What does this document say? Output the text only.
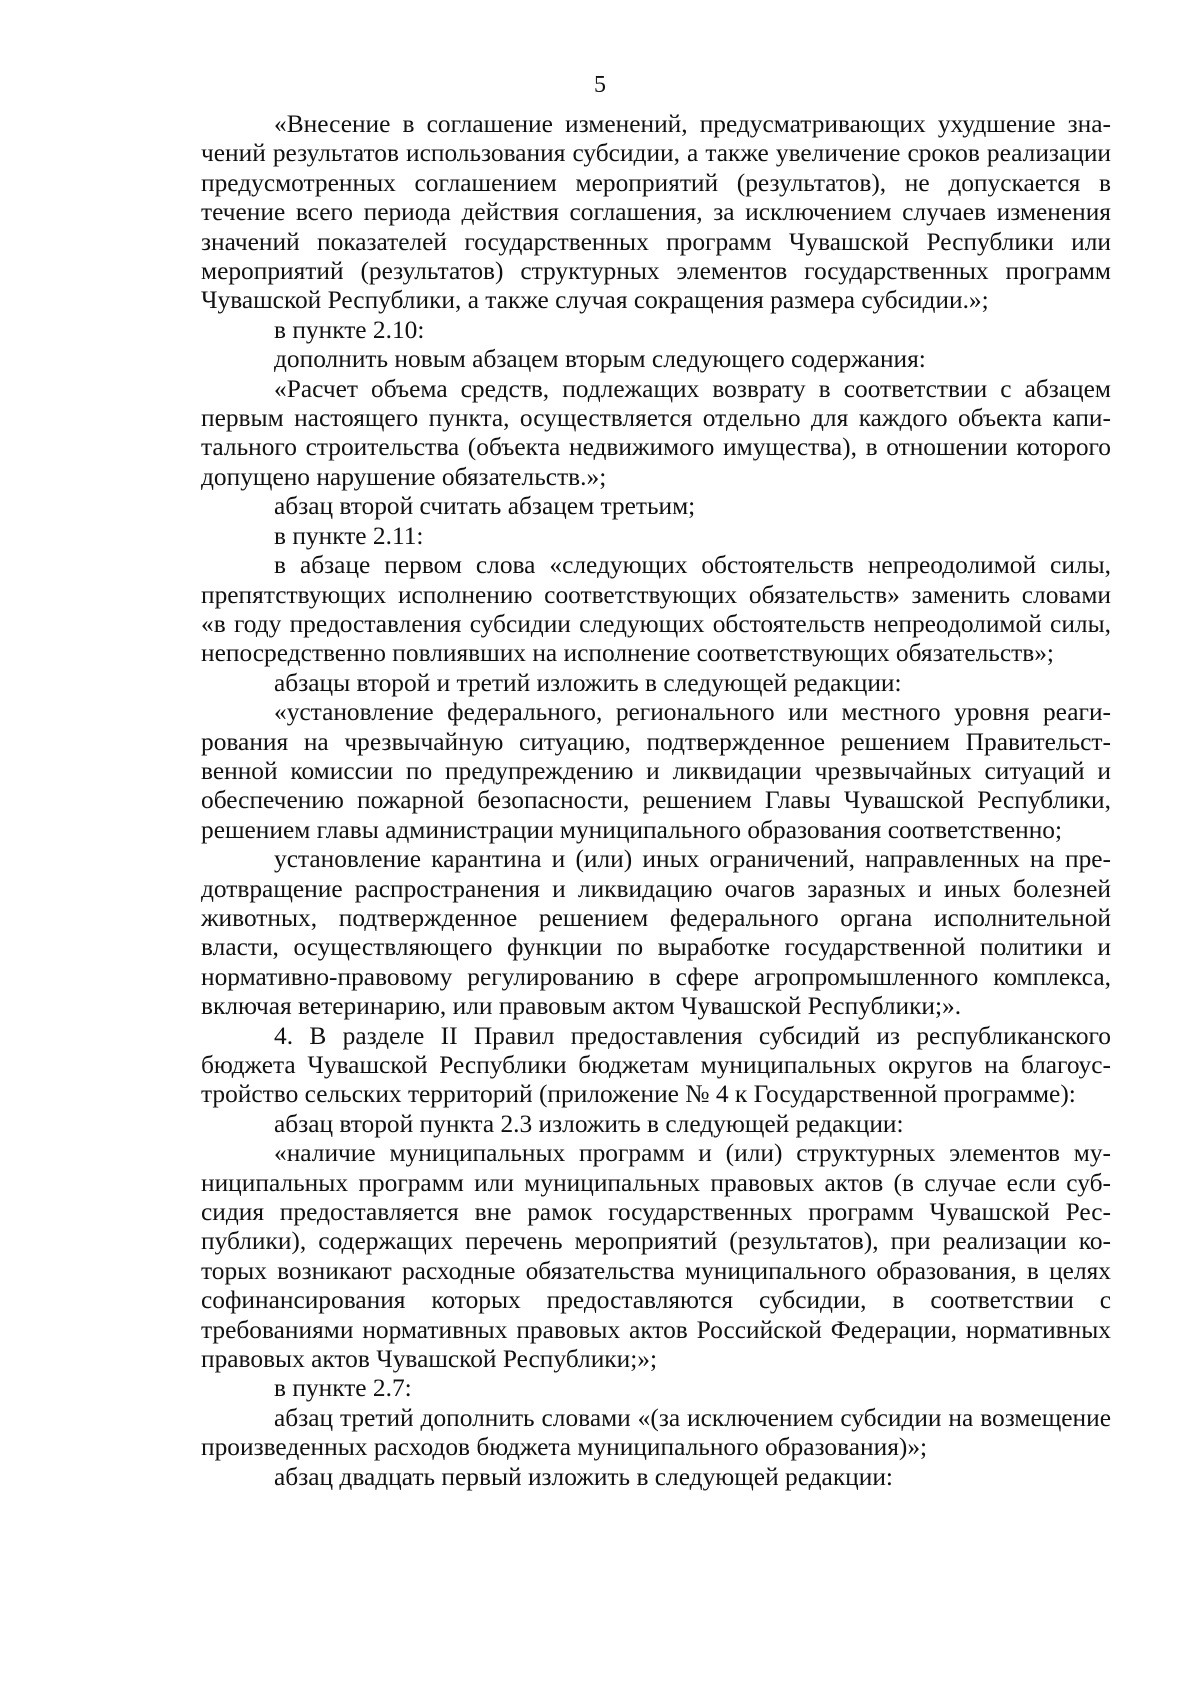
5

«Внесение в соглашение изменений, предусматривающих ухудшение значений результатов использования субсидии, а также увеличение сроков реализации предусмотренных соглашением мероприятий (результатов), не допускается в течение всего периода действия соглашения, за исключением случаев изменения значений показателей государственных программ Чувашской Республики или мероприятий (результатов) структурных элементов государственных программ Чувашской Республики, а также случая сокращения размера субсидии.»;

в пункте 2.10:

дополнить новым абзацем вторым следующего содержания:

«Расчет объема средств, подлежащих возврату в соответствии с абзацем первым настоящего пункта, осуществляется отдельно для каждого объекта капитального строительства (объекта недвижимого имущества), в отношении которого допущено нарушение обязательств.»;

абзац второй считать абзацем третьим;

в пункте 2.11:

в абзаце первом слова «следующих обстоятельств непреодолимой силы, препятствующих исполнению соответствующих обязательств» заменить словами «в году предоставления субсидии следующих обстоятельств непреодолимой силы, непосредственно повлиявших на исполнение соответствующих обязательств»;

абзацы второй и третий изложить в следующей редакции:

«установление федерального, регионального или местного уровня реагирования на чрезвычайную ситуацию, подтвержденное решением Правительственной комиссии по предупреждению и ликвидации чрезвычайных ситуаций и обеспечению пожарной безопасности, решением Главы Чувашской Республики, решением главы администрации муниципального образования соответственно;

установление карантина и (или) иных ограничений, направленных на предотвращение распространения и ликвидацию очагов заразных и иных болезней животных, подтвержденное решением федерального органа исполнительной власти, осуществляющего функции по выработке государственной политики и нормативно-правовому регулированию в сфере агропромышленного комплекса, включая ветеринарию, или правовым актом Чувашской Республики;».

4. В разделе II Правил предоставления субсидий из республиканского бюджета Чувашской Республики бюджетам муниципальных округов на благоустройство сельских территорий (приложение № 4 к Государственной программе):

абзац второй пункта 2.3 изложить в следующей редакции:

«наличие муниципальных программ и (или) структурных элементов муниципальных программ или муниципальных правовых актов (в случае если субсидия предоставляется вне рамок государственных программ Чувашской Республики), содержащих перечень мероприятий (результатов), при реализации которых возникают расходные обязательства муниципального образования, в целях софинансирования которых предоставляются субсидии, в соответствии с требованиями нормативных правовых актов Российской Федерации, нормативных правовых актов Чувашской Республики;»;

в пункте 2.7:

абзац третий дополнить словами «(за исключением субсидии на возмещение произведенных расходов бюджета муниципального образования)»;

абзац двадцать первый изложить в следующей редакции:
